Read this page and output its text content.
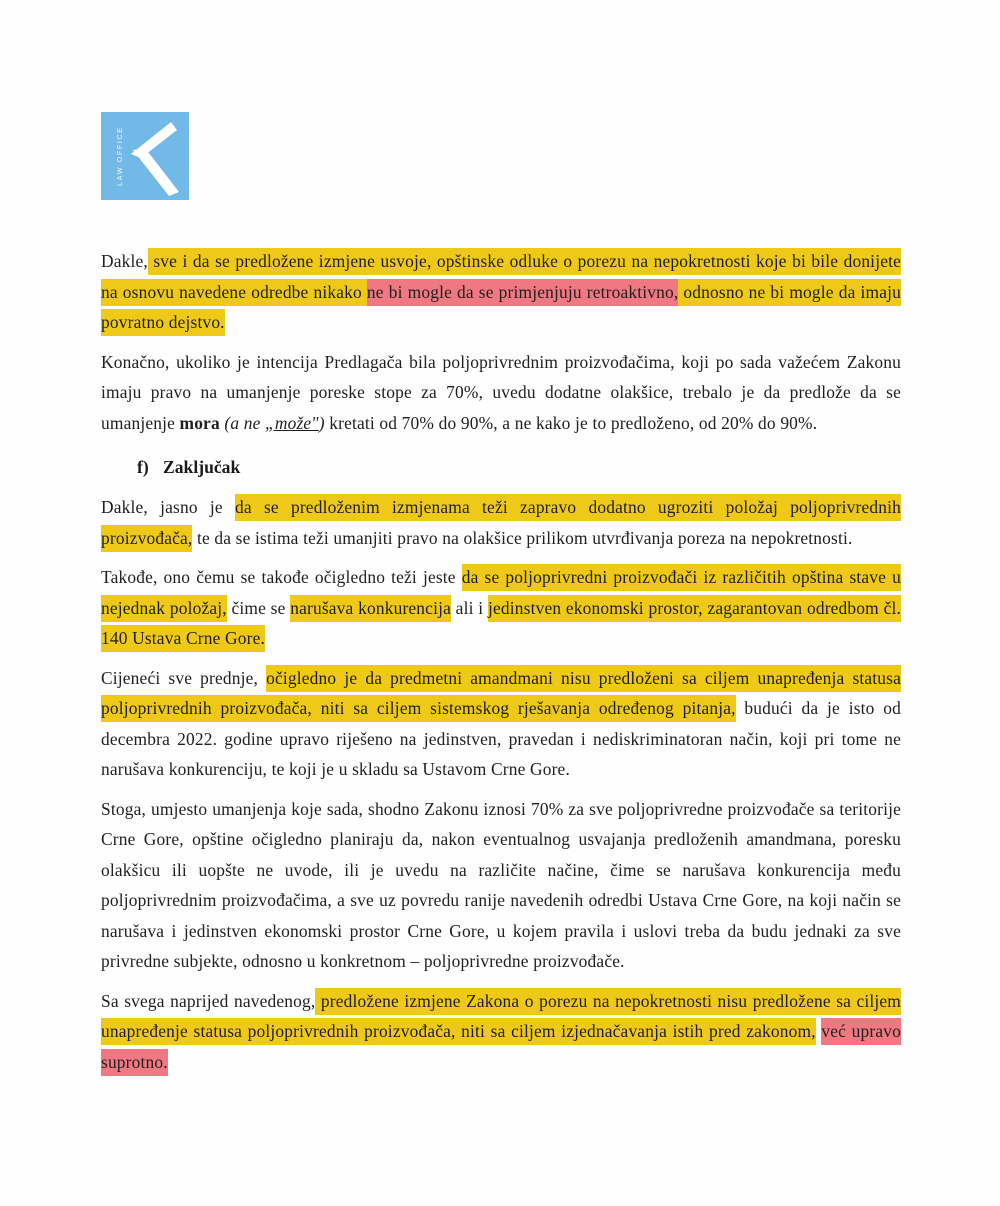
LAW OFFICE

Dakle, sve i da se predložene izmjene usvoje, opštinske odluke o porezu na nepokretnosti koje bi bile donijete na osnovu navedene odredbe nikako ne bi mogle da se primjenjuju retroaktivno, odnosno ne bi mogle da imaju povratno dejstvo.

Konačno, ukoliko je intencija Predlagača bila poljoprivrednim proizvođačima, koji po sada važećem Zakonu imaju pravo na umanjenje poreske stope za 70%, uvedu dodatne olakšice, trebalo je da predlože da se umanjenje mora (a ne „može") kretati od 70% do 90%, a ne kako je to predloženo, od 20% do 90%.

f) Zaključak

Dakle, jasno je da se predloženim izmjenama teži zapravo dodatno ugroziti položaj poljoprivrednih proizvođača, te da se istima teži umanjiti pravo na olakšice prilikom utvrđivanja poreza na nepokretnosti.

Takođe, ono čemu se takođe očigledno teži jeste da se poljoprivredni proizvođači iz različitih opština stave u nejednak položaj, čime se narušava konkurencija ali i jedinstven ekonomski prostor, zagarantovan odredbom čl. 140 Ustava Crne Gore.

Cijeneći sve prednje, očigledno je da predmetni amandmani nisu predloženi sa ciljem unapređenja statusa poljoprivrednih proizvođača, niti sa ciljem sistemskog rješavanja određenog pitanja, budući da je isto od decembra 2022. godine upravo riješeno na jedinstven, pravedan i nediskriminatoran način, koji pri tome ne narušava konkurenciju, te koji je u skladu sa Ustavom Crne Gore.

Stoga, umjesto umanjenja koje sada, shodno Zakonu iznosi 70% za sve poljoprivredne proizvođače sa teritorije Crne Gore, opštine očigledno planiraju da, nakon eventualnog usvajanja predloženih amandmana, poresku olakšicu ili uopšte ne uvode, ili je uvedu na različite načine, čime se narušava konkurencija među poljoprivrednim proizvođačima, a sve uz povredu ranije navedenih odredbi Ustava Crne Gore, na koji način se narušava i jedinstven ekonomski prostor Crne Gore, u kojem pravila i uslovi treba da budu jednaki za sve privredne subjekte, odnosno u konkretnom – poljoprivredne proizvođače.

Sa svega naprijed navedenog, predložene izmjene Zakona o porezu na nepokretnosti nisu predložene sa ciljem unapređenje statusa poljoprivrednih proizvođača, niti sa ciljem izjednačavanja istih pred zakonom, već upravo suprotno.
